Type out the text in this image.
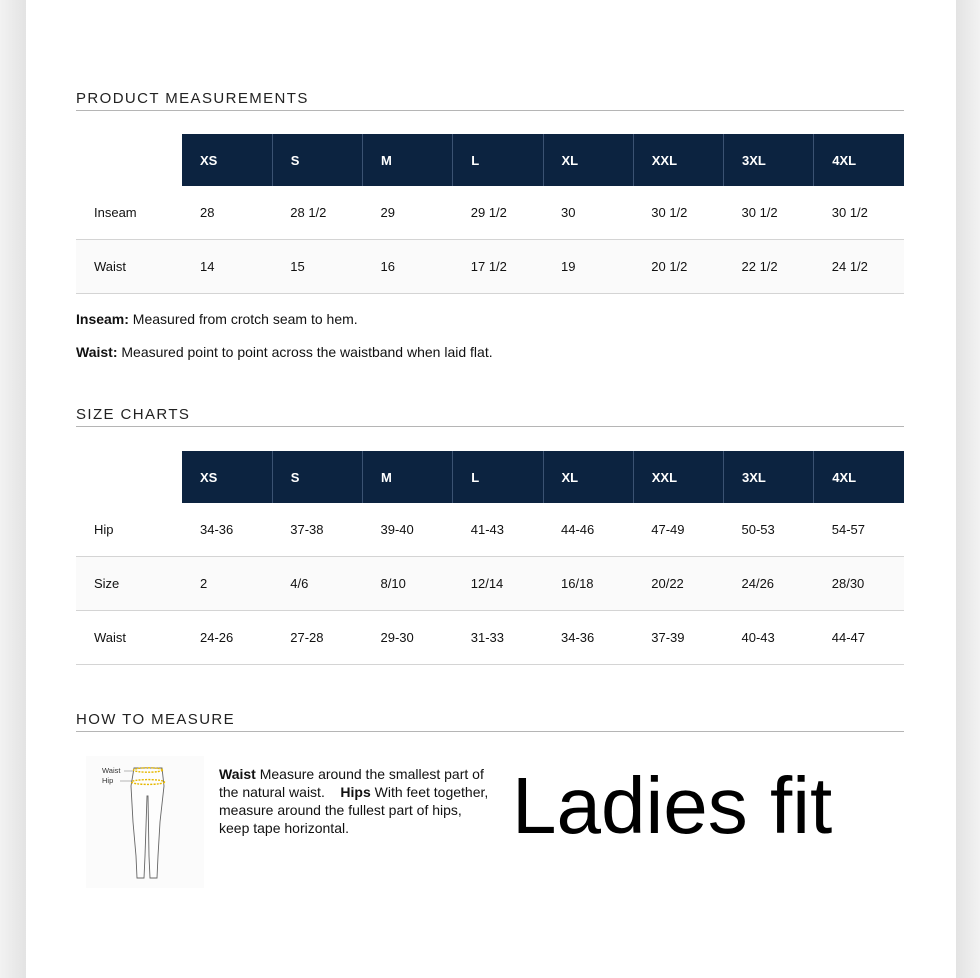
PRODUCT MEASUREMENTS
	XS	S	M	L	XL	XXL	3XL	4XL
Inseam	28	28 1/2	29	29 1/2	30	30 1/2	30 1/2	30 1/2
Waist	14	15	16	17 1/2	19	20 1/2	22 1/2	24 1/2
Inseam: Measured from crotch seam to hem.
Waist: Measured point to point across the waistband when laid flat.
SIZE CHARTS
	XS	S	M	L	XL	XXL	3XL	4XL
Hip	34-36	37-38	39-40	41-43	44-46	47-49	50-53	54-57
Size	2	4/6	8/10	12/14	16/18	20/22	24/26	28/30
Waist	24-26	27-28	29-30	31-33	34-36	37-39	40-43	44-47
HOW TO MEASURE
Waist
Hip	Waist Measure around the smallest part of the natural waist. Hips With feet together, measure around the fullest part of hips, keep tape horizontal.	Ladies fit
